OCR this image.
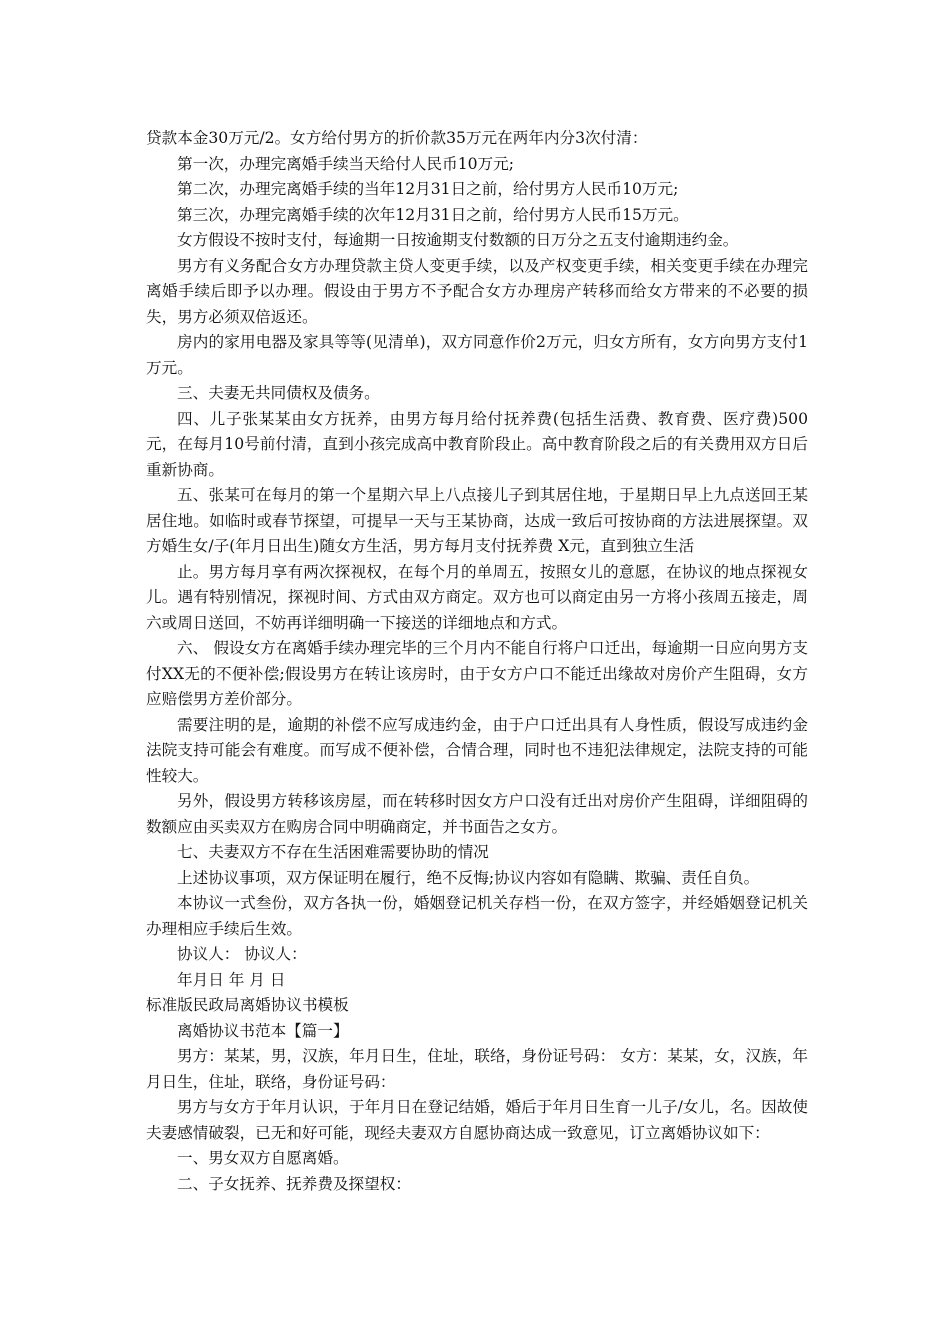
贷款本金30万元/2。女方给付男方的折价款35万元在两年内分3次付清：

第一次，办理完离婚手续当天给付人民币10万元;

第二次，办理完离婚手续的当年12月31日之前，给付男方人民币10万元;

第三次，办理完离婚手续的次年12月31日之前，给付男方人民币15万元。

女方假设不按时支付，每逾期一日按逾期支付数额的日万分之五支付逾期违约金。

男方有义务配合女方办理贷款主贷人变更手续，以及产权变更手续，相关变更手续在办理完离婚手续后即予以办理。假设由于男方不予配合女方办理房产转移而给女方带来的不必要的损失，男方必须双倍返还。

房内的家用电器及家具等等(见清单)，双方同意作价2万元，归女方所有，女方向男方支付1万元。

三、夫妻无共同债权及债务。

四、儿子张某某由女方抚养，由男方每月给付抚养费(包括生活费、教育费、医疗费)500元，在每月10号前付清，直到小孩完成高中教育阶段止。高中教育阶段之后的有关费用双方日后重新协商。

五、张某可在每月的第一个星期六早上八点接儿子到其居住地，于星期日早上九点送回王某居住地。如临时或春节探望，可提早一天与王某协商，达成一致后可按协商的方法进展探望。双方婚生女/子(年月日出生)随女方生活，男方每月支付抚养费 X元，直到独立生活

止。男方每月享有两次探视权，在每个月的单周五，按照女儿的意愿，在协议的地点探视女儿。遇有特别情况，探视时间、方式由双方商定。双方也可以商定由另一方将小孩周五接走，周六或周日送回，不妨再详细明确一下接送的详细地点和方式。

六、 假设女方在离婚手续办理完毕的三个月内不能自行将户口迁出，每逾期一日应向男方支付XX无的不便补偿;假设男方在转让该房时，由于女方户口不能迁出缘故对房价产生阻碍，女方应赔偿男方差价部分。

需要注明的是，逾期的补偿不应写成违约金，由于户口迁出具有人身性质，假设写成违约金法院支持可能会有难度。而写成不便补偿，合情合理，同时也不违犯法律规定，法院支持的可能性较大。

另外，假设男方转移该房屋，而在转移时因女方户口没有迁出对房价产生阻碍，详细阻碍的数额应由买卖双方在购房合同中明确商定，并书面告之女方。

七、夫妻双方不存在生活困难需要协助的情况

上述协议事项，双方保证明在履行，绝不反悔;协议内容如有隐瞒、欺骗、责任自负。

本协议一式叁份，双方各执一份，婚姻登记机关存档一份，在双方签字，并经婚姻登记机关办理相应手续后生效。

协议人： 协议人：

年月日 年 月 日

标准版民政局离婚协议书模板

离婚协议书范本【篇一】

男方：某某，男，汉族，年月日生，住址，联络，身份证号码： 女方：某某，女，汉族，年月日生，住址，联络，身份证号码：

男方与女方于年月认识，于年月日在登记结婚，婚后于年月日生育一儿子/女儿，名。因故使夫妻感情破裂，已无和好可能，现经夫妻双方自愿协商达成一致意见，订立离婚协议如下：

一、男女双方自愿离婚。

二、子女抚养、抚养费及探望权：
